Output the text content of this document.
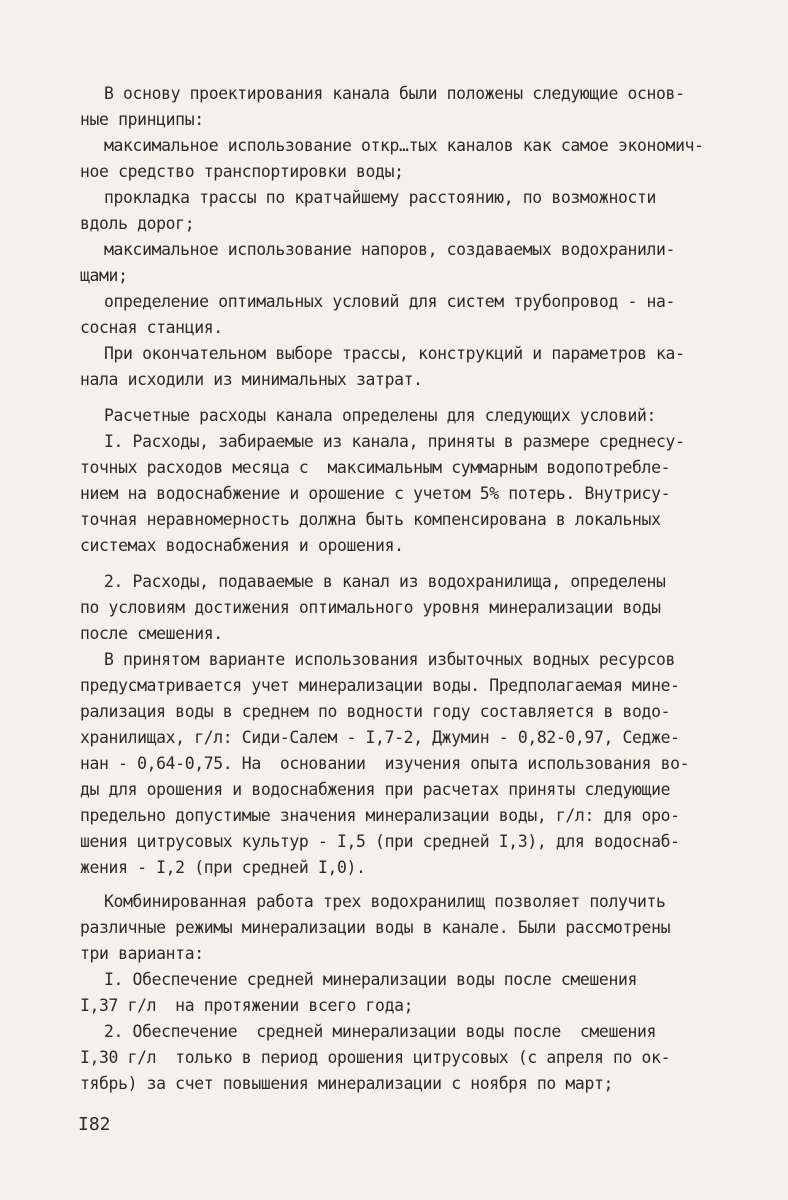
В основу проектирования канала были положены следующие основ-
ные принципы:
максимальное использование откр…тых каналов как самое экономич-
ное средство транспортировки воды;
прокладка трассы по кратчайшему расстоянию, по возможности
вдоль дорог;
максимальное использование напоров, создаваемых водохранили-
щами;
определение оптимальных условий для систем трубопровод - на-
сосная станция.
При окончательном выборе трассы, конструкций и параметров ка-
нала исходили из минимальных затрат.
Расчетные расходы канала определены для следующих условий:
I. Расходы, забираемые из канала, приняты в размере среднесу-
точных расходов месяца с  максимальным суммарным водопотребле-
нием на водоснабжение и орошение с учетом 5% потерь. Внутрису-
точная неравномерность должна быть компенсирована в локальных
системах водоснабжения и орошения.
2. Расходы, подаваемые в канал из водохранилища, определены
по условиям достижения оптимального уровня минерализации воды
после смешения.
В принятом варианте использования избыточных водных ресурсов
предусматривается учет минерализации воды. Предполагаемая мине-
рализация воды в среднем по водности году составляется в водо-
хранилищах, г/л: Сиди-Салем - I,7-2, Джумин - 0,82-0,97, Седже-
нан - 0,64-0,75. На  основании  изучения опыта использования во-
ды для орошения и водоснабжения при расчетах приняты следующие
предельно допустимые значения минерализации воды, г/л: для оро-
шения цитрусовых культур - I,5 (при средней I,3), для водоснаб-
жения - I,2 (при средней I,0).
Комбинированная работа трех водохранилищ позволяет получить
различные режимы минерализации воды в канале. Были рассмотрены
три варианта:
I. Обеспечение средней минерализации воды после смешения
I,37 г/л  на протяжении всего года;
2. Обеспечение  средней минерализации воды после  смешения
I,30 г/л  только в период орошения цитрусовых (с апреля по ок-
тябрь) за счет повышения минерализации с ноября по март;
I82
